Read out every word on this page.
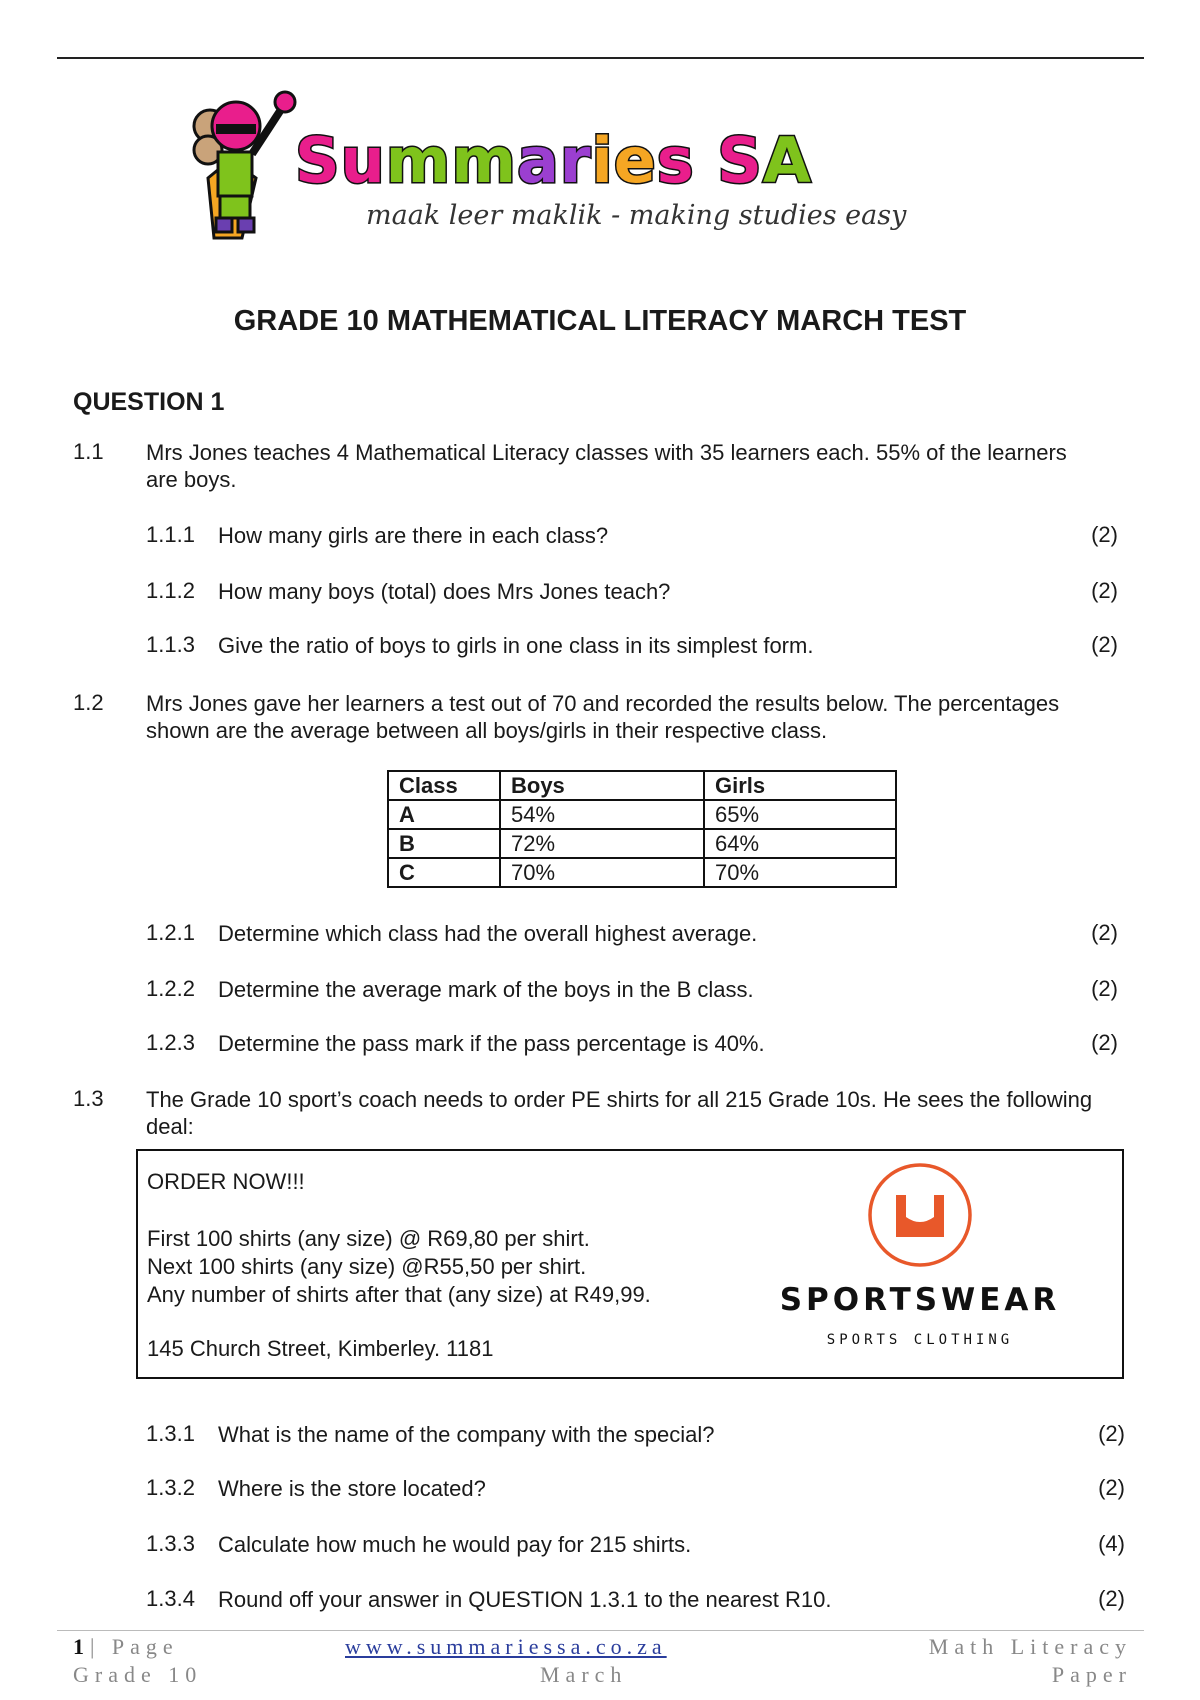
Summaries SA
maak leer maklik - making studies easy
GRADE 10 MATHEMATICAL LITERACY MARCH TEST
QUESTION 1
1.1 Mrs Jones teaches 4 Mathematical Literacy classes with 35 learners each. 55% of the learners are boys.
1.1.1 How many girls are there in each class?	(2)
1.1.2 How many boys (total) does Mrs Jones teach?	(2)
1.1.3 Give the ratio of boys to girls in one class in its simplest form.	(2)
1.2 Mrs Jones gave her learners a test out of 70 and recorded the results below. The percentages shown are the average between all boys/girls in their respective class.
Class	Boys	Girls
A	54%	65%
B	72%	64%
C	70%	70%
1.2.1 Determine which class had the overall highest average.	(2)
1.2.2 Determine the average mark of the boys in the B class.	(2)
1.2.3 Determine the pass mark if the pass percentage is 40%.	(2)
1.3 The Grade 10 sport’s coach needs to order PE shirts for all 215 Grade 10s. He sees the following deal:
ORDER NOW!!!
First 100 shirts (any size) @ R69,80 per shirt.
Next 100 shirts (any size) @R55,50 per shirt.
Any number of shirts after that (any size) at R49,99.
145 Church Street, Kimberley. 1181
SPORTSWEAR
SPORTS CLOTHING
1.3.1 What is the name of the company with the special?	(2)
1.3.2 Where is the store located?	(2)
1.3.3 Calculate how much he would pay for 215 shirts.	(4)
1.3.4 Round off your answer in QUESTION 1.3.1 to the nearest R10.	(2)
1| Page
Grade 10
www.summariessa.co.za
March
Math Literacy
Paper
